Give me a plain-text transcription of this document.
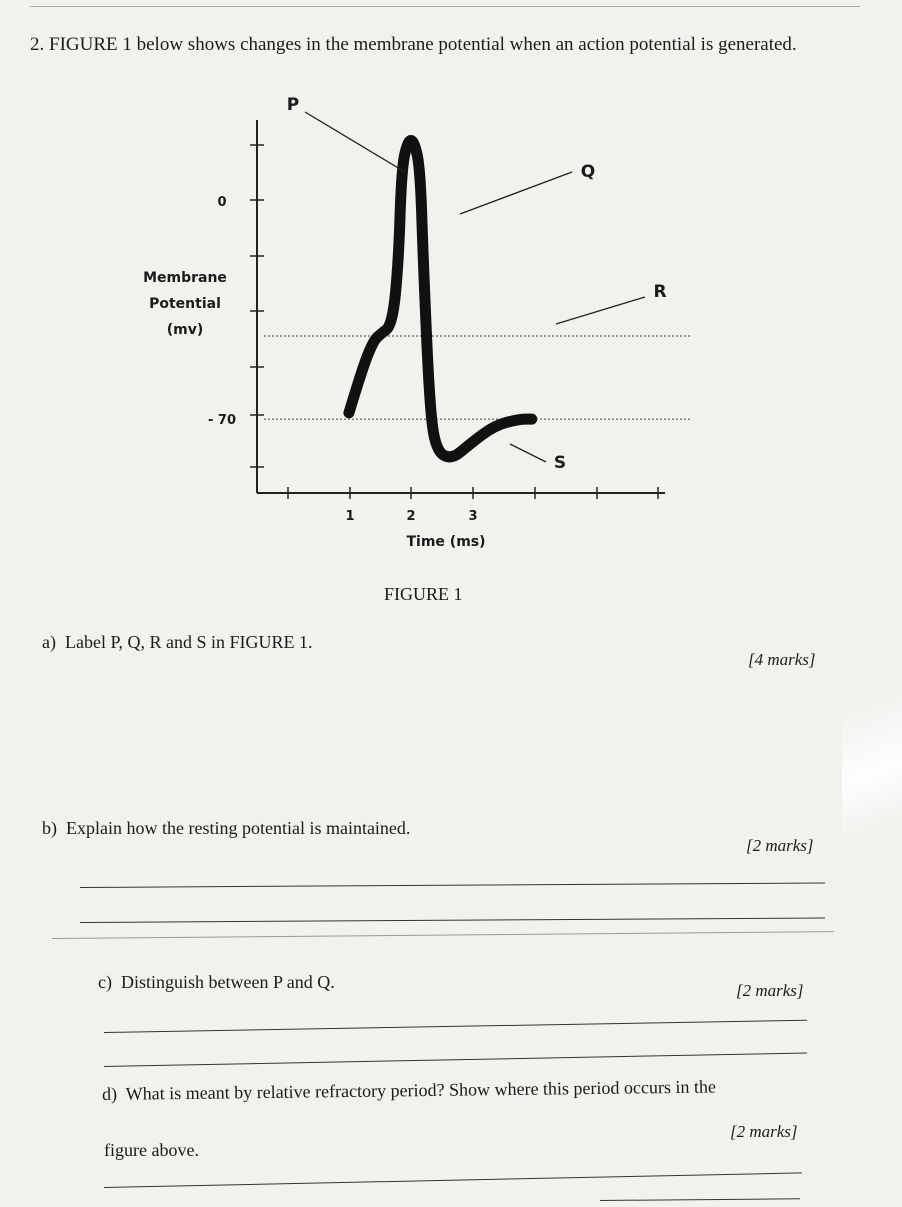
2. FIGURE 1 below shows changes in the membrane potential when an action potential is generated.

0
- 70
1	2	3
Membrane
Potential
(mv)
Time (ms)
P
Q
R
S
FIGURE 1
a) Label P, Q, R and S in FIGURE 1.
[4 marks]
b) Explain how the resting potential is maintained.
[2 marks]
c) Distinguish between P and Q.	[2 marks]
d) What is meant by relative refractory period? Show where this period occurs in the
figure above.
[2 marks]
